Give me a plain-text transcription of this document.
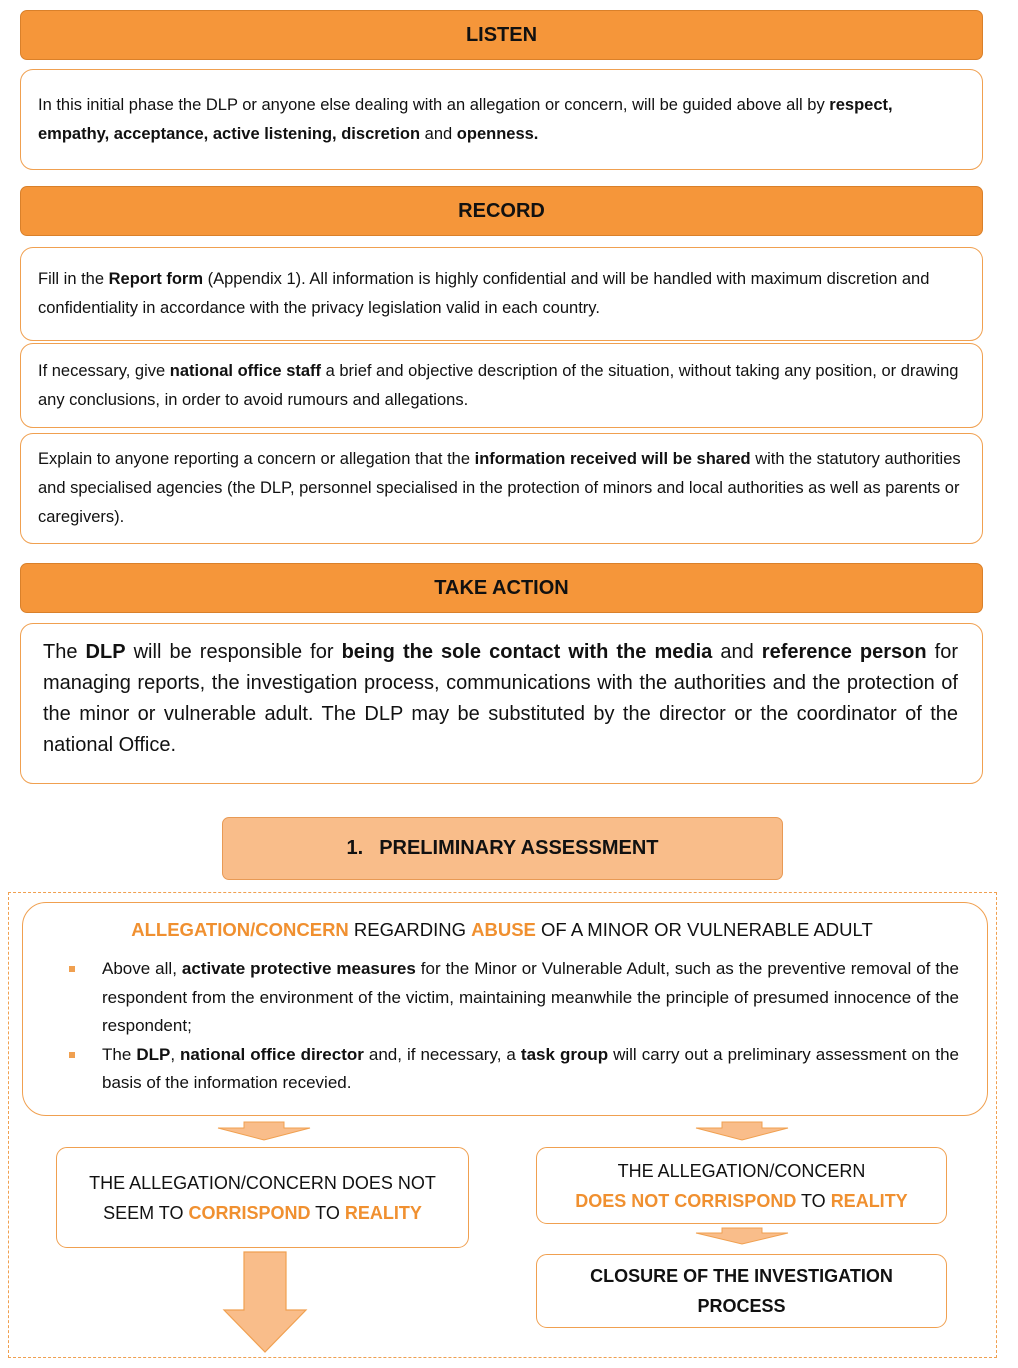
LISTEN
In this initial phase the DLP or anyone else dealing with an allegation or concern, will be guided above all by respect, empathy, acceptance, active listening, discretion and openness.
RECORD
Fill in the Report form (Appendix 1). All information is highly confidential and will be handled with maximum discretion and confidentiality in accordance with the privacy legislation valid in each country.
If necessary, give national office staff a brief and objective description of the situation, without taking any position, or drawing any conclusions, in order to avoid rumours and allegations.
Explain to anyone reporting a concern or allegation that the information received will be shared with the statutory authorities and specialised agencies (the DLP, personnel specialised in the protection of minors and local authorities as well as parents or caregivers).
TAKE ACTION
The DLP will be responsible for being the sole contact with the media and reference person for managing reports, the investigation process, communications with the authorities and the protection of the minor or vulnerable adult. The DLP may be substituted by the director or the coordinator of the national Office.
1. PRELIMINARY ASSESSMENT
ALLEGATION/CONCERN REGARDING ABUSE OF A MINOR OR VULNERABLE ADULT
Above all, activate protective measures for the Minor or Vulnerable Adult, such as the preventive removal of the respondent from the environment of the victim, maintaining meanwhile the principle of presumed innocence of the respondent;
The DLP, national office director and, if necessary, a task group will carry out a preliminary assessment on the basis of the information recevied.
THE ALLEGATION/CONCERN DOES NOT
SEEM TO CORRISPOND TO REALITY
THE ALLEGATION/CONCERN
DOES NOT CORRISPOND TO REALITY
CLOSURE OF THE INVESTIGATION
PROCESS
